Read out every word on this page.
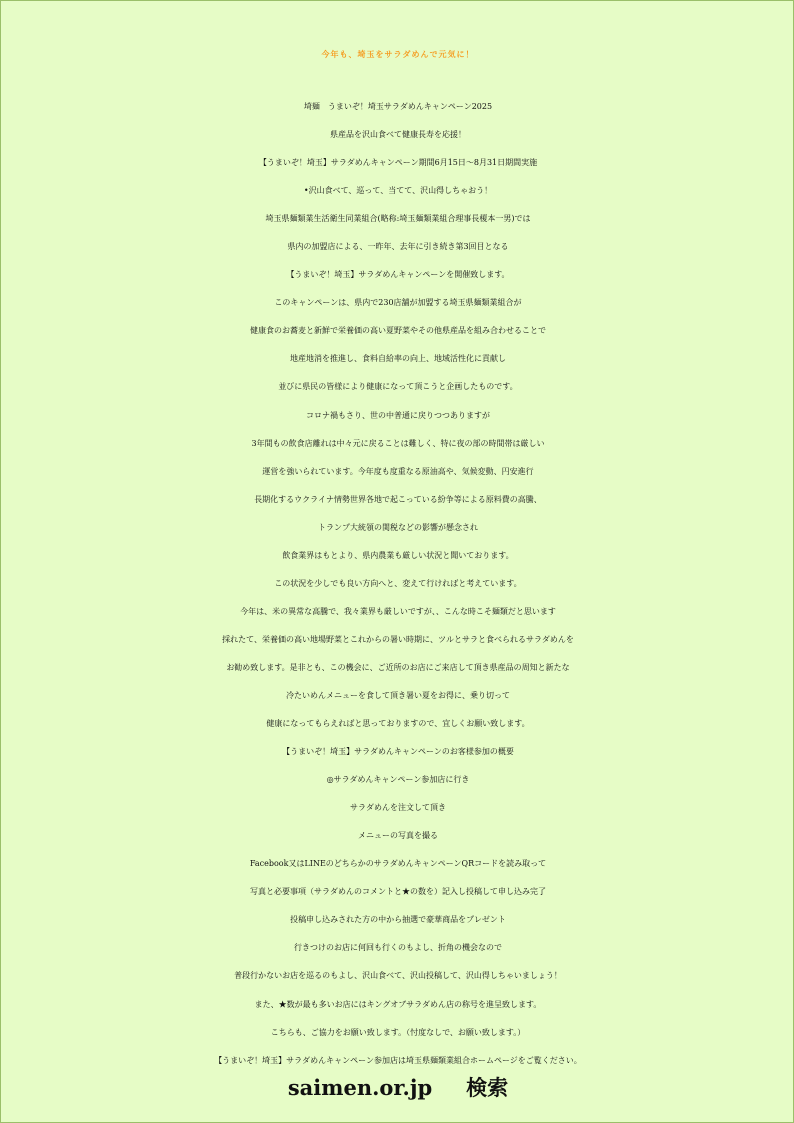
今年も、埼玉をサラダめんで元気に！
埼麺　うまいぞ！埼玉サラダめんキャンペーン2025
県産品を沢山食べて健康長寿を応援！
【うまいぞ！埼玉】サラダめんキャンペーン期間6月15日～8月31日期間実施
•沢山食べて、巡って、当てて、沢山得しちゃおう！
埼玉県麺類業生活衛生同業組合(略称:埼玉麺類業組合理事長榎本一男)では
県内の加盟店による、一昨年、去年に引き続き第3回目となる
【うまいぞ！埼玉】サラダめんキャンペーンを開催致します。
このキャンペーンは、県内で230店舗が加盟する埼玉県麺類業組合が
健康食のお蕎麦と新鮮で栄養価の高い夏野菜やその他県産品を組み合わせることで
地産地消を推進し、食料自給率の向上、地域活性化に貢献し
並びに県民の皆様により健康になって頂こうと企画したものです。
コロナ禍もさり、世の中普通に戻りつつありますが
3年間もの飲食店離れは中々元に戻ることは難しく、特に夜の部の時間帯は厳しい
運営を強いられています。今年度も度重なる原油高や、気候変動、円安進行
長期化するウクライナ情勢世界各地で起こっている紛争等による原料費の高騰、
トランプ大統領の関税などの影響が懸念され
飲食業界はもとより、県内農業も厳しい状況と聞いております。
この状況を少しでも良い方向へと、変えて行ければと考えています。
今年は、米の異常な高騰で、我々業界も厳しいですが、、こんな時こそ麺類だと思います
採れたて、栄養価の高い地場野菜とこれからの暑い時期に、ツルとサラと食べられるサラダめんを
お勧め致します。是非とも、この機会に、ご近所のお店にご来店して頂き県産品の周知と新たな
冷たいめんメニューを食して頂き暑い夏をお得に、乗り切って
健康になってもらえればと思っておりますので、宜しくお願い致します。
【うまいぞ！埼玉】サラダめんキャンペーンのお客様参加の概要
◎サラダめんキャンペーン参加店に行き
サラダめんを注文して頂き
メニューの写真を撮る
Facebook又はLINEのどちらかのサラダめんキャンペーンQRコードを読み取って
写真と必要事項（サラダめんのコメントと★の数を）記入し投稿して申し込み完了
投稿申し込みされた方の中から抽選で豪華商品をプレゼント
行きつけのお店に何回も行くのもよし、折角の機会なので
普段行かないお店を巡るのもよし、沢山食べて、沢山投稿して、沢山得しちゃいましょう！
また、★数が最も多いお店にはキングオブサラダめん店の称号を進呈致します。
こちらも、ご協力をお願い致します。（忖度なしで、お願い致します。）
【うまいぞ！埼玉】サラダめんキャンペーン参加店は埼玉県麺類業組合ホームページをご覧ください。
saimen.or.jp 検索
